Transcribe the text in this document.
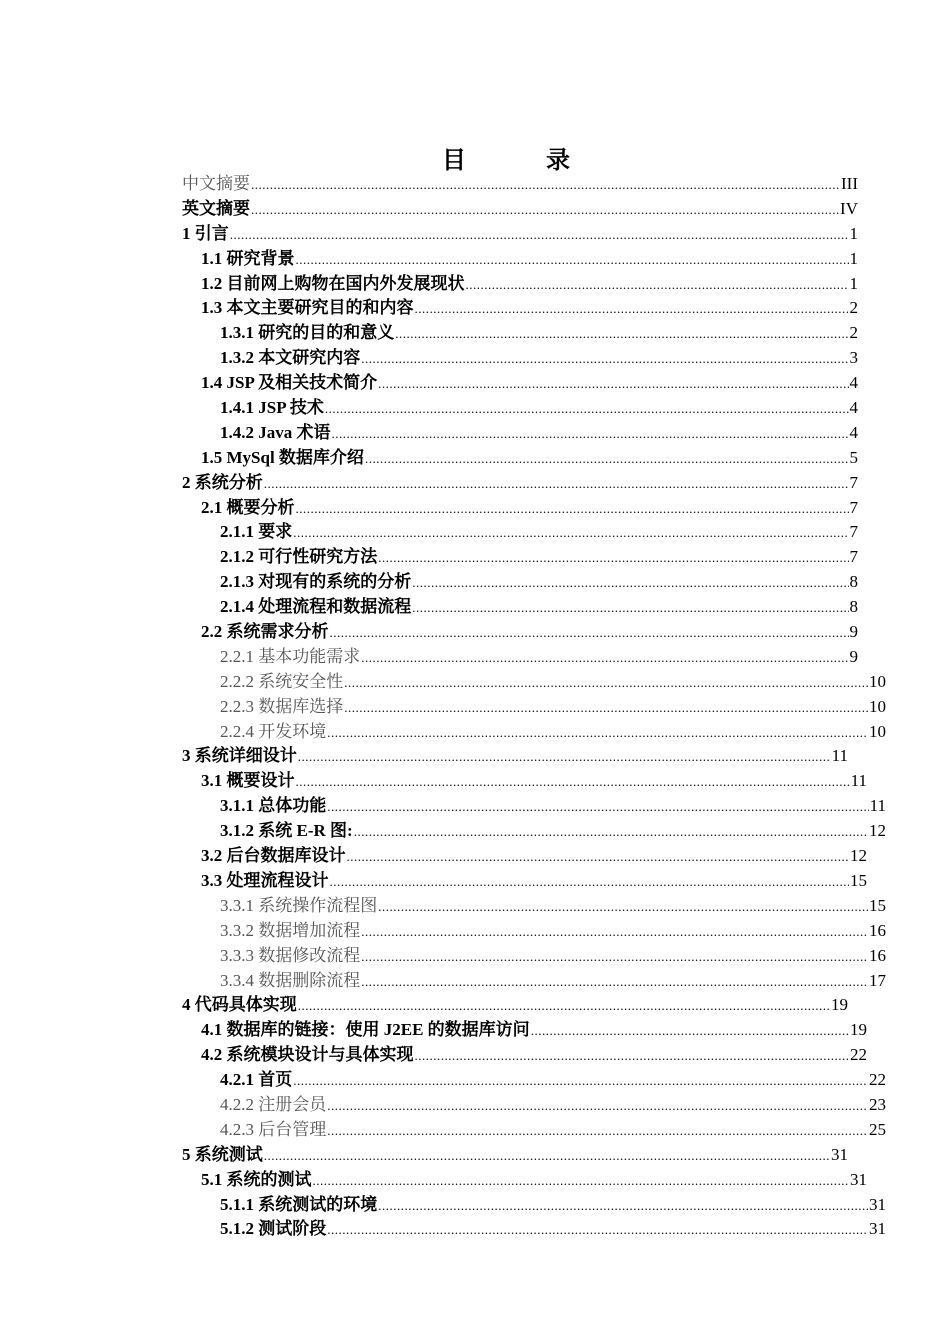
目　录
中文摘要 .....	III
英文摘要 .....	IV
1 引言 .....	1
1.1 研究背景 .....	1
1.2 目前网上购物在国内外发展现状 .....	1
1.3 本文主要研究目的和内容 .....	2
1.3.1 研究的目的和意义 .....	2
1.3.2 本文研究内容 .....	3
1.4 JSP 及相关技术简介 .....	4
1.4.1 JSP 技术 .....	4
1.4.2 Java 术语 .....	4
1.5 MySql 数据库介绍 .....	5
2 系统分析 .....	7
2.1 概要分析 .....	7
2.1.1 要求 .....	7
2.1.2 可行性研究方法 .....	7
2.1.3 对现有的系统的分析 .....	8
2.1.4 处理流程和数据流程 .....	8
2.2 系统需求分析 .....	9
2.2.1 基本功能需求 .....	9
2.2.2 系统安全性 .....	10
2.2.3 数据库选择 .....	10
2.2.4 开发环境 .....	10
3 系统详细设计 .....	11
3.1 概要设计 .....	11
3.1.1 总体功能 .....	11
3.1.2 系统 E-R 图: .....	12
3.2 后台数据库设计 .....	12
3.3 处理流程设计 .....	15
3.3.1 系统操作流程图 .....	15
3.3.2 数据增加流程 .....	16
3.3.3 数据修改流程 .....	16
3.3.4 数据删除流程 .....	17
4 代码具体实现 .....	19
4.1 数据库的链接：使用 J2EE 的数据库访问 .....	19
4.2 系统模块设计与具体实现 .....	22
4.2.1 首页 .....	22
4.2.2 注册会员 .....	23
4.2.3 后台管理 .....	25
5 系统测试 .....	31
5.1 系统的测试 .....	31
5.1.1 系统测试的环境 .....	31
5.1.2 测试阶段 .....	31
